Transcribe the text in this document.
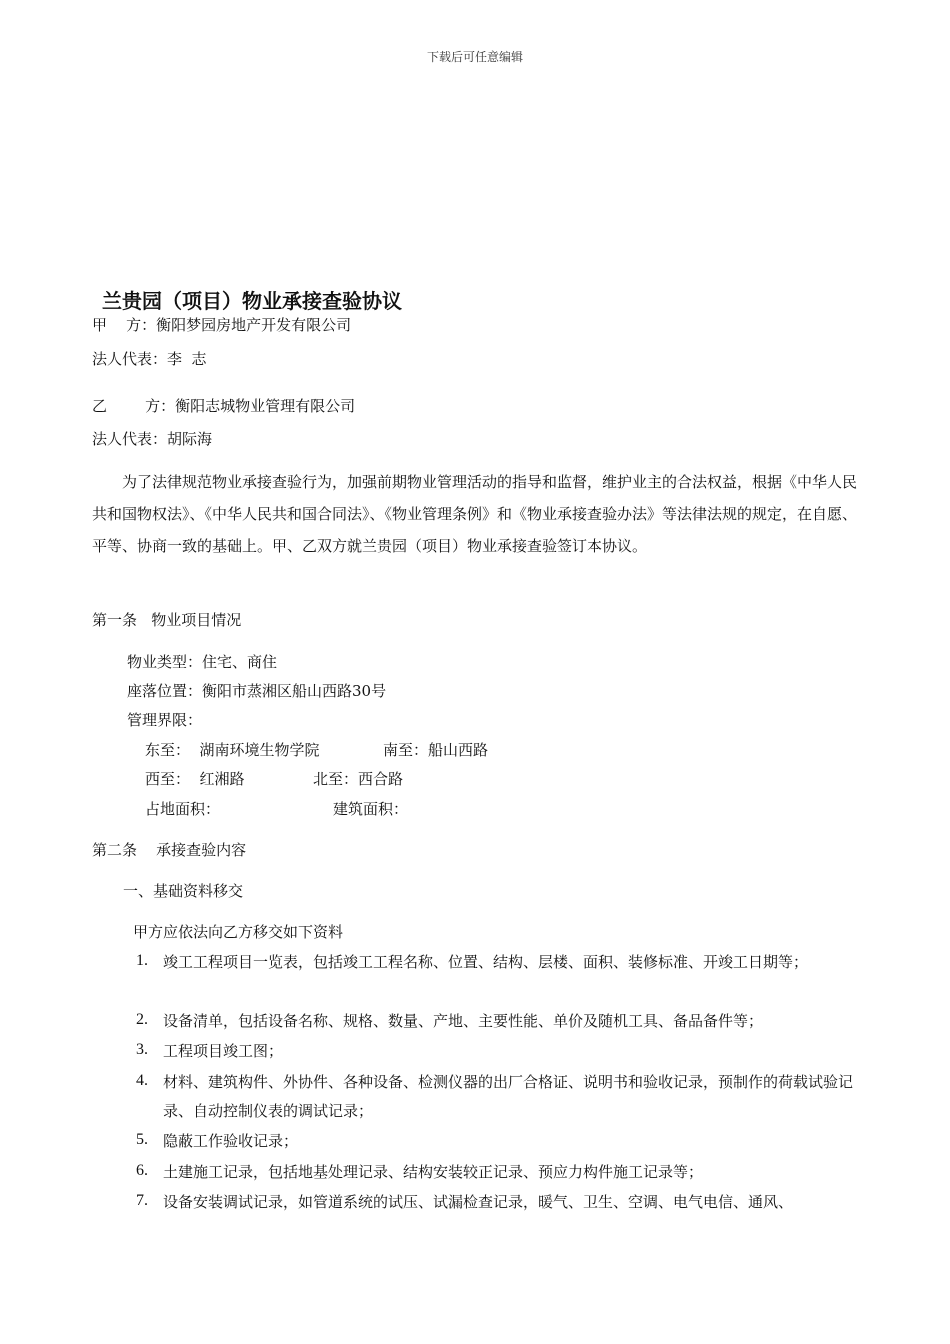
下载后可任意编辑
兰贵园（项目）物业承接查验协议
甲    方：衡阳梦园房地产开发有限公司
法人代表：李  志
乙        方：衡阳志城物业管理有限公司
法人代表：胡际海
为了法律规范物业承接查验行为，加强前期物业管理活动的指导和监督，维护业主的合法权益，根据《中华人民共和国物权法》、《中华人民共和国合同法》、《物业管理条例》和《物业承接查验办法》等法律法规的规定，在自愿、平等、协商一致的基础上。甲、乙双方就兰贵园（项目）物业承接查验签订本协议。
第一条   物业项目情况
物业类型：住宅、商住
座落位置：衡阳市蒸湘区船山西路30号
管理界限：
东至：  湖南环境生物学院	南至：船山西路
西至：  红湘路	北至：西合路
占地面积：	建筑面积：
第二条    承接查验内容
一、基础资料移交
甲方应依法向乙方移交如下资料
1. 竣工工程项目一览表，包括竣工工程名称、位置、结构、层楼、面积、装修标准、开竣工日期等；
2. 设备清单，包括设备名称、规格、数量、产地、主要性能、单价及随机工具、备品备件等；
3. 工程项目竣工图；
4. 材料、建筑构件、外协件、各种设备、检测仪器的出厂合格证、说明书和验收记录，预制作的荷载试验记录、自动控制仪表的调试记录；
5. 隐蔽工作验收记录；
6. 土建施工记录，包括地基处理记录、结构安装较正记录、预应力构件施工记录等；
7. 设备安装调试记录，如管道系统的试压、试漏检查记录，暖气、卫生、空调、电气电信、通风、
